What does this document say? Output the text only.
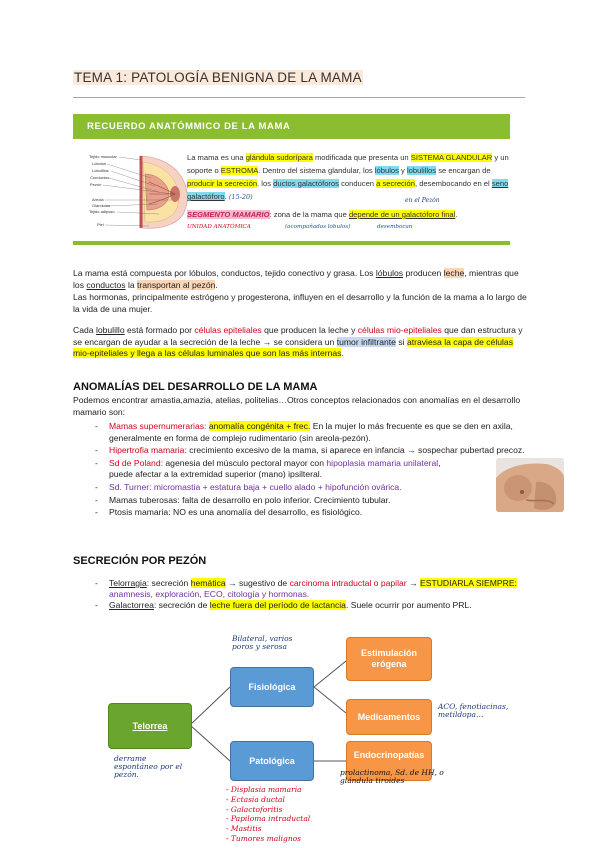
TEMA 1: PATOLOGÍA BENIGNA DE LA MAMA
RECUERDO ANATÓMMICO DE LA MAMA
Tejido muscular
Lóbulos
Lobulillos
Conductos
Pezón
Areola
Glándulas
Tejido adiposo
Piel
La mama es una glándula sudorípara modificada que presenta un SISTEMA GLANDULAR y un soporte o ESTROMA. Dentro del sistema glandular, los lóbulos y lobulillos se encargan de producir la secreción. los ductos galactóforos conducen a secreción, desembocando en el seno galactóforo. (15-20)	en el Pezón
SEGMENTO MAMARIO: zona de la mama que depende de un galactóforo final.
UNIDAD ANATÓMICA	(acompañados lobulos)	desembocan
La mama está compuesta por lóbulos, conductos, tejido conectivo y grasa. Los lóbulos producen leche, mientras que los conductos la transportan al pezón.
Las hormonas, principalmente estrógeno y progesterona, influyen en el desarrollo y la función de la mama a lo largo de la vida de una mujer.
Cada lobulillo está formado por células epiteliales que producen la leche y células mio-epiteliales que dan estructura y se encargan de ayudar a la secreción de la leche → se considera un tumor infiltrante si atraviesa la capa de células mio-epiteliales y llega a las células luminales que son las más internas.
ANOMALÍAS DEL DESARROLLO DE LA MAMA
Podemos encontrar amastia,amazia, atelias, politelias…Otros conceptos relacionados con anomalías en el desarrollo mamario son:
- Mamas supernumerarias: anomalía congénita + frec. En la mujer lo más frecuente es que se den en axila, generalmente en forma de complejo rudimentario (sin areola-pezón).
- Hipertrofia mamaria: crecimiento excesivo de la mama, si aparece en infancia → sospechar pubertad precoz.
- Sd de Poland: agenesia del músculo pectoral mayor con hipoplasia mamaria unilateral, puede afectar a la extremidad superior (mano) ipsilteral.
- Sd. Turner: micromastia + estatura baja + cuello alado + hipofunción ovárica.
- Mamas tuberosas: falta de desarrollo en polo inferior. Crecimiento tubular.
- Ptosis mamaria: NO es una anomalía del desarrollo, es fisiológico.
SECRECIÓN POR PEZÓN
- Telorragia: secreción hemática → sugestivo de carcinoma intraductal o papilar → ESTUDIARLA SIEMPRE: anamnesis, exploración, ECO, citología y hormonas.
- Galactorrea: secreción de leche fuera del período de lactancia. Suele ocurrir por aumento PRL.
Telorrea
Fisiológica
Patológica
Estimulación erógena
Medicamentos
Endocrinopatías
Bilateral, varios poros y serosa
derrame espontáneo por el pezón.
ACO, fenotiacinas, metildopa…
prolactinoma, Sd. de HH, o glándula tiroides
- Displasia mamaria
- Ectasia ductal
- Galactoforitis
- Papiloma intraductal
- Mastitis
- Tumores malignos
